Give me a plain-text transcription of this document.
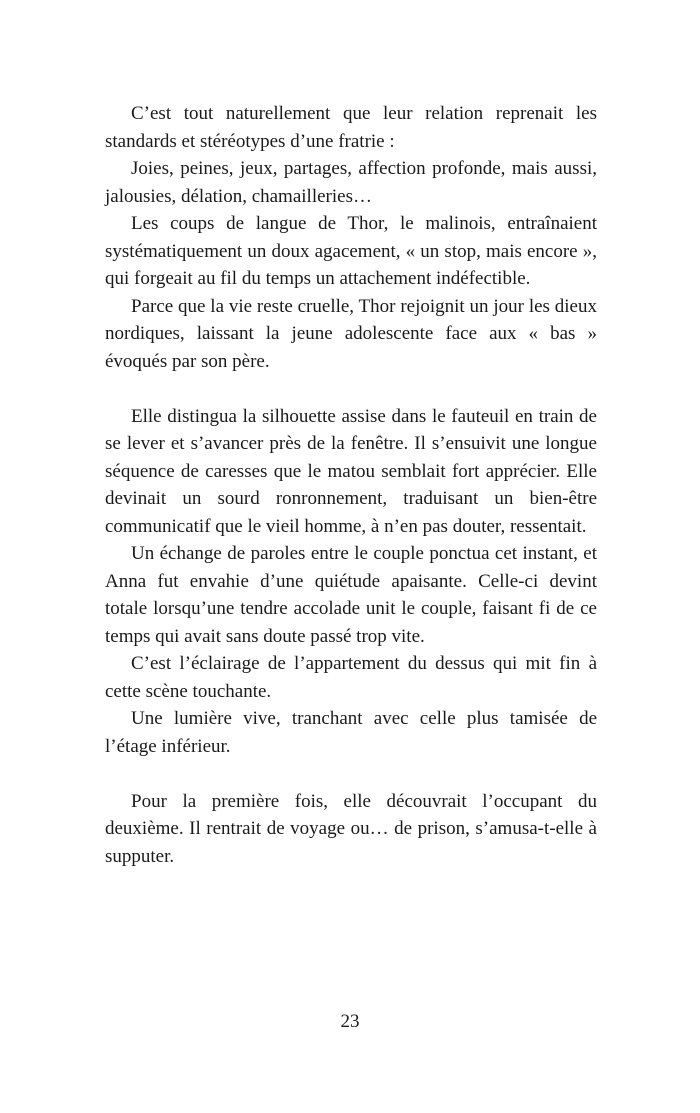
C’est tout naturellement que leur relation reprenait les standards et stéréotypes d’une fratrie :

Joies, peines, jeux, partages, affection profonde, mais aussi, jalousies, délation, chamailleries…

Les coups de langue de Thor, le malinois, entraînaient systématiquement un doux agacement, « un stop, mais encore », qui forgeait au fil du temps un attachement indéfectible.

Parce que la vie reste cruelle, Thor rejoignit un jour les dieux nordiques, laissant la jeune adolescente face aux « bas » évoqués par son père.

Elle distingua la silhouette assise dans le fauteuil en train de se lever et s’avancer près de la fenêtre. Il s’ensuivit une longue séquence de caresses que le matou semblait fort apprécier. Elle devinait un sourd ronronnement, traduisant un bien-être communicatif que le vieil homme, à n’en pas douter, ressentait.

Un échange de paroles entre le couple ponctua cet instant, et Anna fut envahie d’une quiétude apaisante. Celle-ci devint totale lorsqu’une tendre accolade unit le couple, faisant fi de ce temps qui avait sans doute passé trop vite.

C’est l’éclairage de l’appartement du dessus qui mit fin à cette scène touchante.

Une lumière vive, tranchant avec celle plus tamisée de l’étage inférieur.

Pour la première fois, elle découvrait l’occupant du deuxième. Il rentrait de voyage ou… de prison, s’amusa-t-elle à supputer.

23
